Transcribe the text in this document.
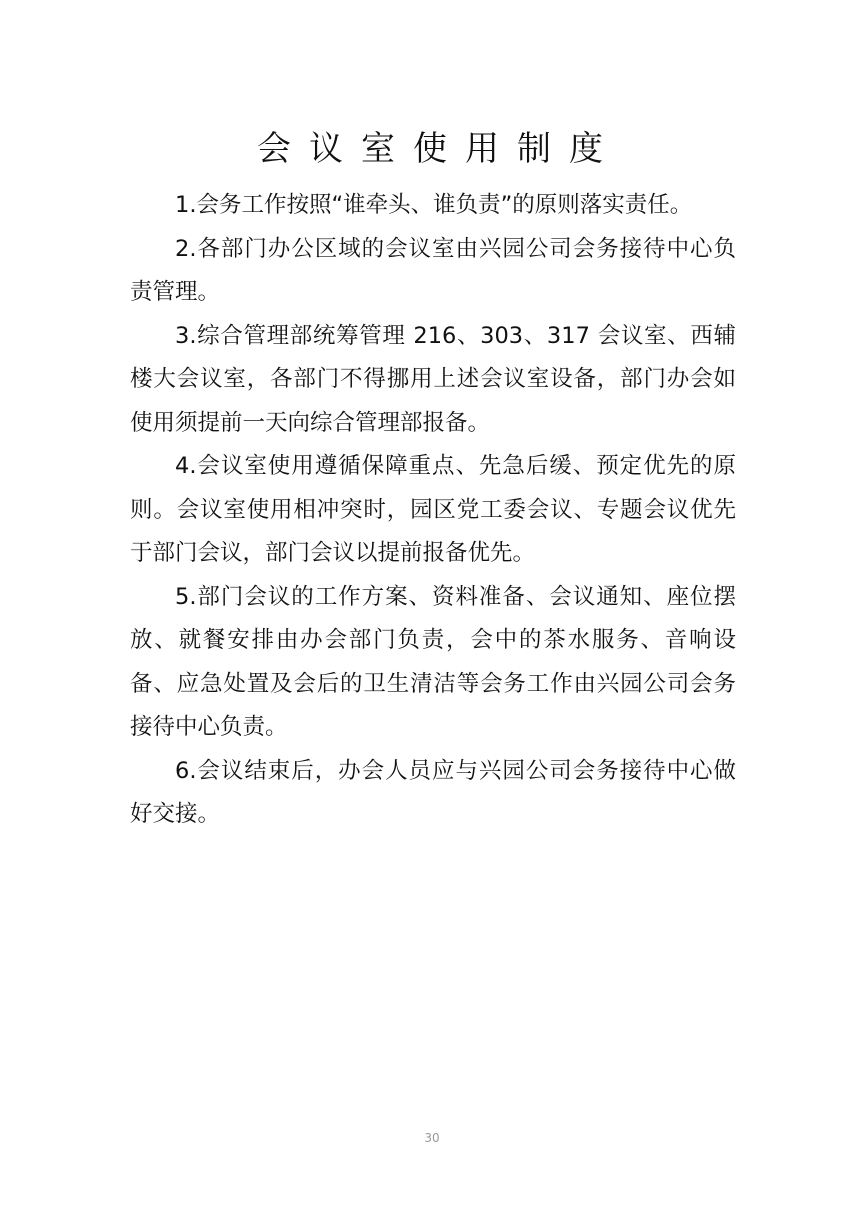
会议室使用制度

1.会务工作按照“谁牵头、谁负责”的原则落实责任。

2.各部门办公区域的会议室由兴园公司会务接待中心负责管理。

3.综合管理部统筹管理 216、303、317 会议室、西辅楼大会议室，各部门不得挪用上述会议室设备，部门办会如使用须提前一天向综合管理部报备。

4.会议室使用遵循保障重点、先急后缓、预定优先的原则。会议室使用相冲突时，园区党工委会议、专题会议优先于部门会议，部门会议以提前报备优先。

5.部门会议的工作方案、资料准备、会议通知、座位摆放、就餐安排由办会部门负责，会中的茶水服务、音响设备、应急处置及会后的卫生清洁等会务工作由兴园公司会务接待中心负责。

6.会议结束后，办会人员应与兴园公司会务接待中心做好交接。

30
